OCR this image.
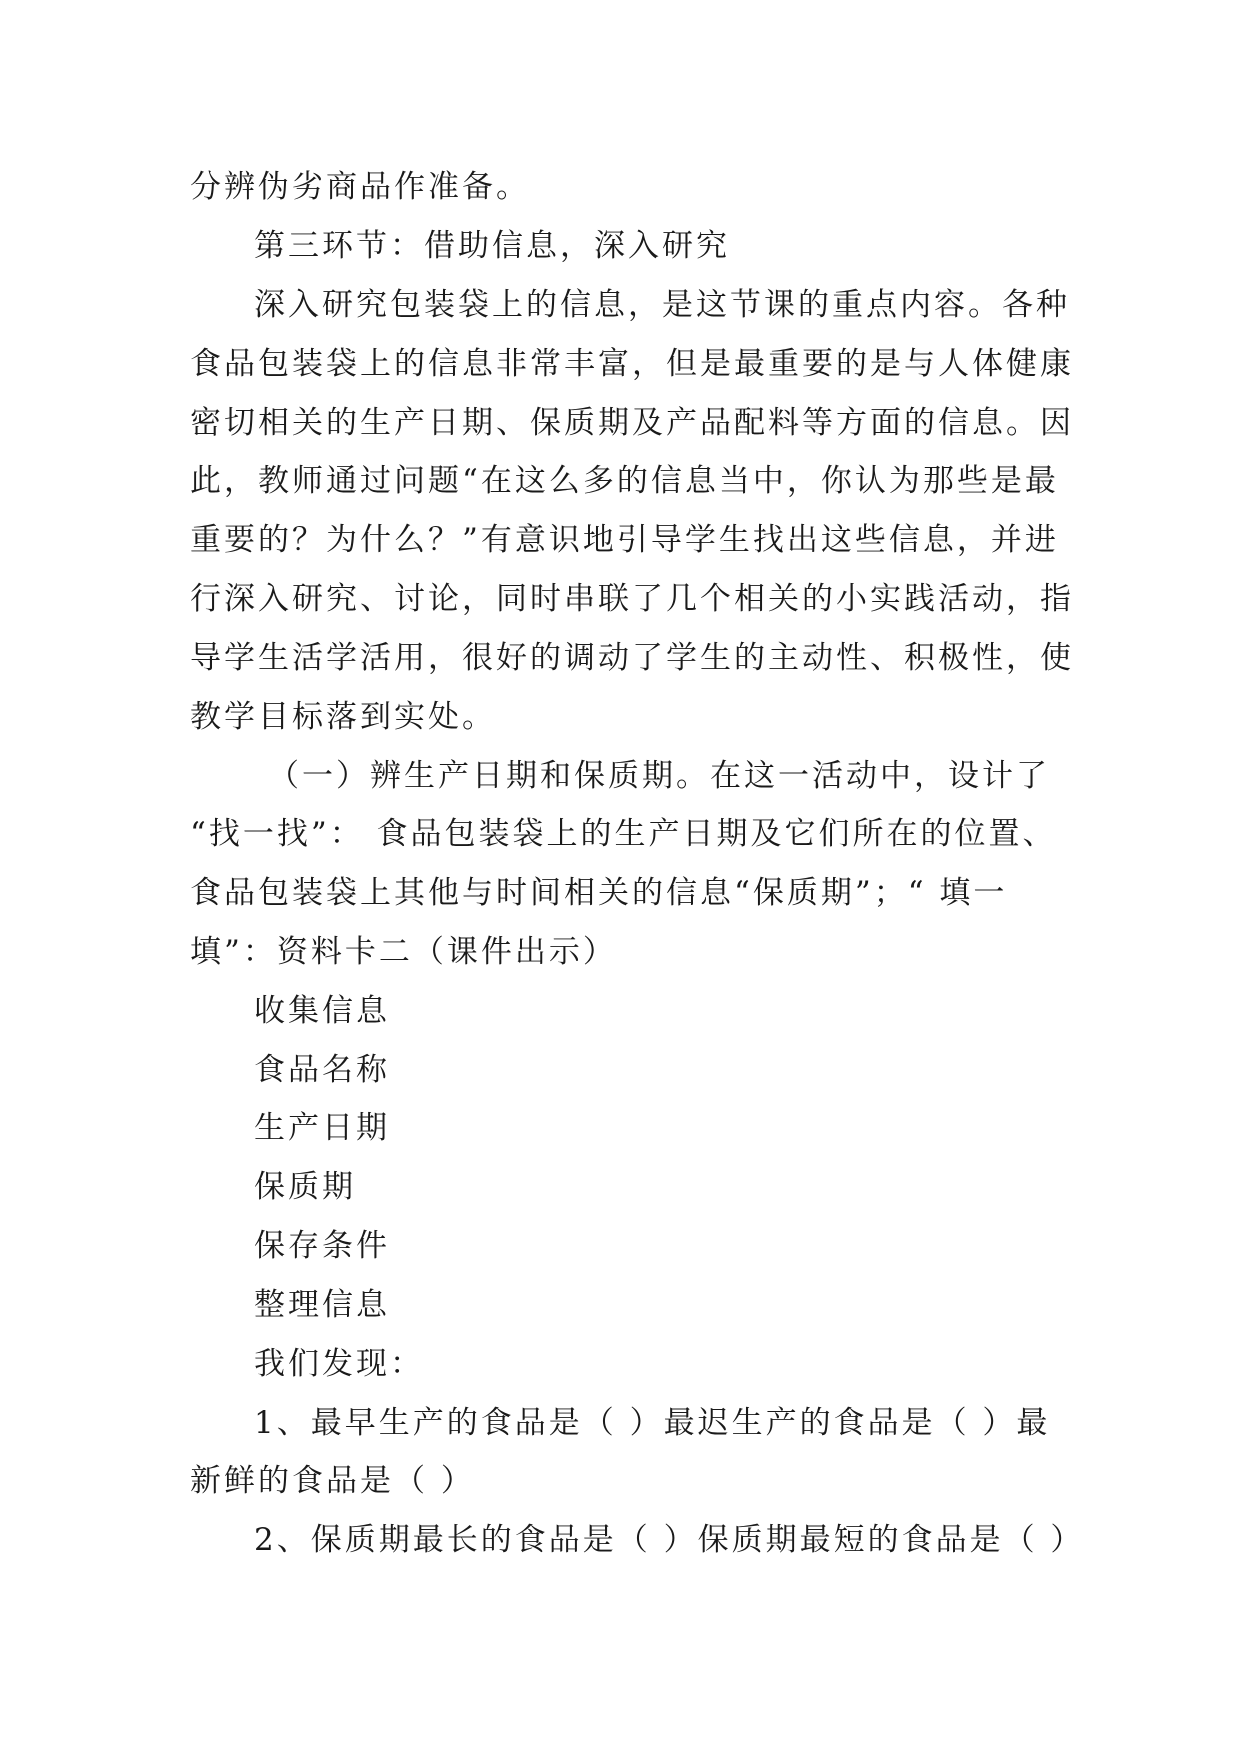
分辨伪劣商品作准备。
第三环节：借助信息，深入研究
深入研究包装袋上的信息，是这节课的重点内容。各种
食品包装袋上的信息非常丰富，但是最重要的是与人体健康
密切相关的生产日期、保质期及产品配料等方面的信息。因
此，教师通过问题“在这么多的信息当中，你认为那些是最
重要的？为什么？”有意识地引导学生找出这些信息，并进
行深入研究、讨论，同时串联了几个相关的小实践活动，指
导学生活学活用，很好的调动了学生的主动性、积极性，使
教学目标落到实处。
（一）辨生产日期和保质期。在这一活动中，设计了
“找一找”： 食品包装袋上的生产日期及它们所在的位置、
食品包装袋上其他与时间相关的信息“保质期”；“ 填一
填”：资料卡二（课件出示）
收集信息
食品名称
生产日期
保质期
保存条件
整理信息
我们发现：
1、最早生产的食品是（ ）最迟生产的食品是（ ）最
新鲜的食品是（ ）
2、保质期最长的食品是（ ）保质期最短的食品是（ ）
